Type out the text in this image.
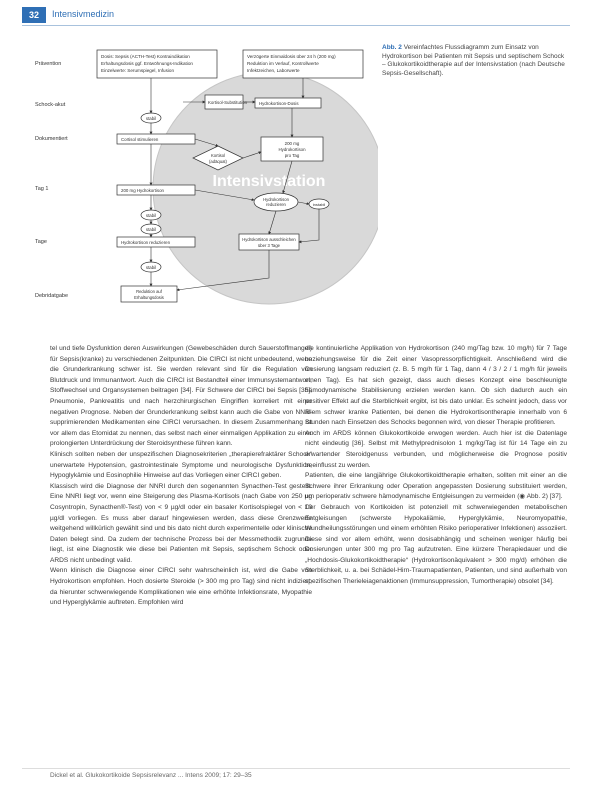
32	Intensivmedizin
Intensivstation
Prävention
Schock-akut
Dokumentiert
Tag 1
Tage
Debridatgabe
Dosis: Sepsis (ACTH-Test) Kontraindikation Erhaltungsdosis ggf. Entwöhnungs-Indikation Einzelwerte: Serumspiegel, Infusion
Verzögerte Einmaldosis über 24 h (200 mg) Reduktion im Verlauf, Kontrollwerte Infektzeichen, Laborwerte
Kortisol-Substitution	Hydrokortison-Dosis
stabil
Cortisol stimulieren
Kortisol (adäquat)
200 mg Hydrokortison pro Tag
200 mg Hydrokortison
Hydrokortison reduzieren	instabil
stabil
stabil
Hydrokortison reduzieren
Hydrokortison ausschleichen über 3 Tage
stabil
Reduktion auf Erhaltungsdosis
Abb. 2 Vereinfachtes Flussdiagramm zum Einsatz von Hydrokortison bei Patienten mit Sepsis und septischem Schock – Glukokortikoidtherapie auf der Intensivstation (nach Deutsche Sepsis-Gesellschaft).

tel und tiefe Dysfunktion deren Auswirkungen (Gewebeschäden durch Sauerstoffmangel) für Sepsis(kranke) zu verschiedenen Zeitpunkten. Die CIRCI ist nicht unbedeutend, wenn die Grunderkrankung schwer ist. Sie werden relevant sind für die Regulation von Blutdruck und Immunantwort. Auch die CIRCI ist Bestandteil einer Immunsystemantwort, Stoffwechsel und Organsystemen beitragen [34]. Für Schwere der CIRCI bei Sepsis [35], Pneumonie, Pankreatitis und nach herzchirurgischen Eingriffen korreliert mit einer negativen Prognose. Neben der Grunderkrankung selbst kann auch die Gabe von NNR-supprimierenden Medikamenten eine CIRCI verursachen. In diesem Zusammenhang ist vor allem das Etomidat zu nennen, das selbst nach einer einmaligen Applikation zu einer prolongierten Unterdrückung der Steroidsynthese führen kann.

Klinisch sollten neben der unspezifischen Diagnosekriterien „therapierefraktärer Schock“ unerwartete Hypotension, gastrointestinale Symptome und neurologische Dysfunktion, Hypoglykämie und Eosinophilie Hinweise auf das Vorliegen einer CIRCI geben.

Klassisch wird die Diagnose der NNRI durch den sogenannten Synacthen-Test gestellt. Eine NNRI liegt vor, wenn eine Steigerung des Plasma-Kortisols (nach Gabe von 250 µg Cosyntropin, Synacthen®-Test) von < 9 µg/dl oder ein basaler Kortisolspiegel von < 10 µg/dl vorliegen. Es muss aber darauf hingewiesen werden, dass diese Grenzwerte weitgehend willkürlich gewählt sind und bis dato nicht durch experimentelle oder klinische Daten belegt sind. Da zudem der technische Prozess bei der Messmethodik zugrunde liegt, ist eine Diagnostik wie diese bei Patienten mit Sepsis, septischem Schock oder ARDS nicht unbedingt valid.

Wenn klinisch die Diagnose einer CIRCI sehr wahrscheinlich ist, wird die Gabe von Hydrokortison empfohlen. Hoch dosierte Steroide (> 300 mg pro Tag) sind nicht indiziert, da hierunter schwerwiegende Komplikationen wie eine erhöhte Infektionsrate, Myopathie und Hyperglykämie auftreten. Empfohlen wird

die kontinuierliche Applikation von Hydrokortison (240 mg/Tag bzw. 10 mg/h) für 7 Tage beziehungsweise für die Zeit einer Vasopressorpflichtigkeit. Anschließend wird die Dosierung langsam reduziert (z. B. 5 mg/h für 1 Tag, dann 4 / 3 / 2 / 1 mg/h für jeweils einen Tag). Es hat sich gezeigt, dass auch dieses Konzept eine beschleunigte hämodynamische Stabilisierung erzielen werden kann. Ob sich dadurch auch ein positiver Effekt auf die Sterblichkeit ergibt, ist bis dato unklar. Es scheint jedoch, dass vor allem schwer kranke Patienten, bei denen die Hydrokortisontherapie innerhalb von 6 Stunden nach Einsetzen des Schocks begonnen wird, von dieser Therapie profitieren.

Auch im ARDS können Glukokortikoide erwogen werden. Auch hier ist die Datenlage nicht eindeutig [36]. Selbst mit Methylprednisolon 1 mg/kg/Tag ist für 14 Tage ein zu erwartender Steroidgenuss verbunden, und möglicherweise die Prognose positiv beeinflusst zu werden.

Patienten, die eine langjährige Glukokortikoidtherapie erhalten, sollten mit einer an die Schwere ihrer Erkrankung oder Operation angepassten Dosierung substituiert werden, um perioperativ schwere hämodynamische Entgleisungen zu vermeiden (◉ Abb. 2) [37].

Der Gebrauch von Kortikoiden ist potenziell mit schwerwiegenden metabolischen Entgleisungen (schwerste Hypokaliämie, Hyperglykämie, Neuromyopathie, Wundheilungsstörungen und einem erhöhten Risiko perioperativer Infektionen) assoziiert. Diese sind vor allem erhöht, wenn dosisabhängig und scheinen weniger häufig bei Dosierungen unter 300 mg pro Tag aufzutreten. Eine kürzere Therapiedauer und die „Hochdosis-Glukokortikoidtherapie“ (Hydrokortisonäquivalent > 300 mg/d) erhöhen die Sterblichkeit, u. a. bei Schädel-Hirn-Traumapatienten, Patienten, und sind außerhalb von spezifischen Therieleiagenaktionen (Immunsuppression, Tumortherapie) obsolet [34].

Dickel et al. Glukokortikoide Sepsisrelevanz ... Intens 2009; 17: 29–35
